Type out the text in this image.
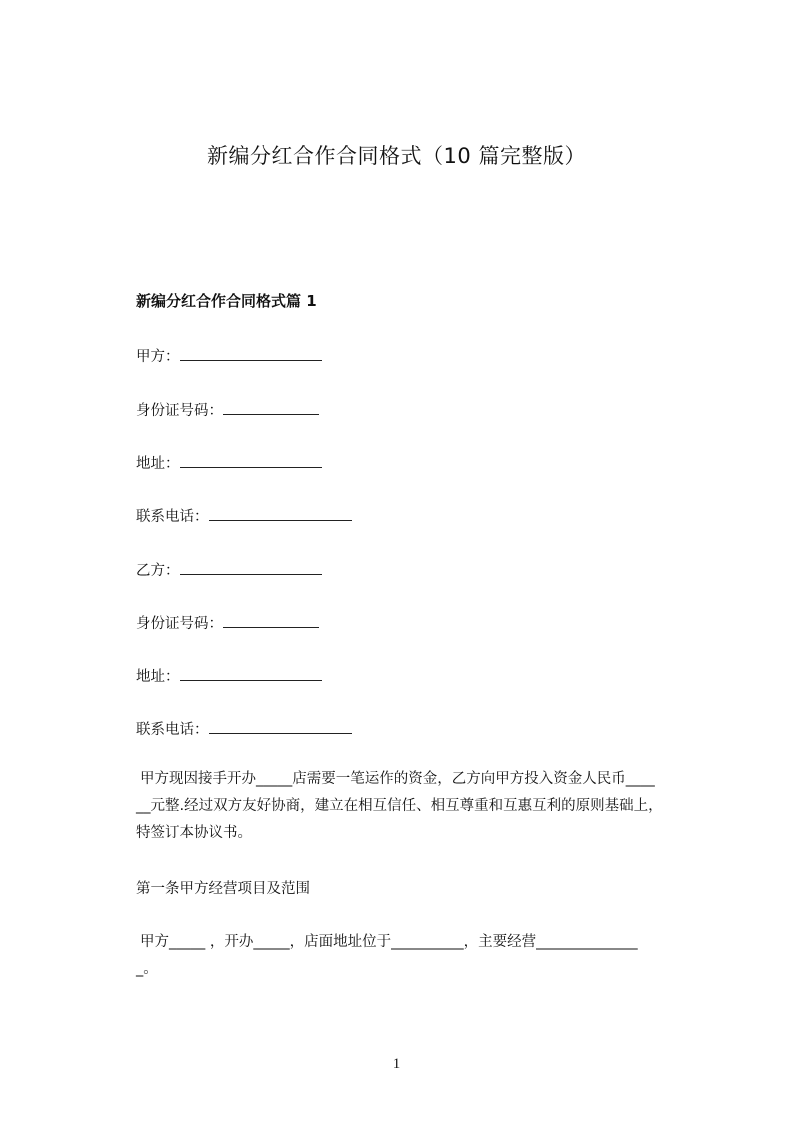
新编分红合作合同格式（10 篇完整版）
新编分红合作合同格式篇 1
甲方：
身份证号码：
地址：
联系电话：
乙方：
身份证号码：
地址：
联系电话：
甲方现因接手开办_____店需要一笔运作的资金，乙方向甲方投入资金人民币____
__元整.经过双方友好协商，建立在相互信任、相互尊重和互惠互利的原则基础上，
特签订本协议书。
第一条甲方经营项目及范围
甲方_____ ，开办_____，店面地址位于__________，主要经营______________
_。
1
